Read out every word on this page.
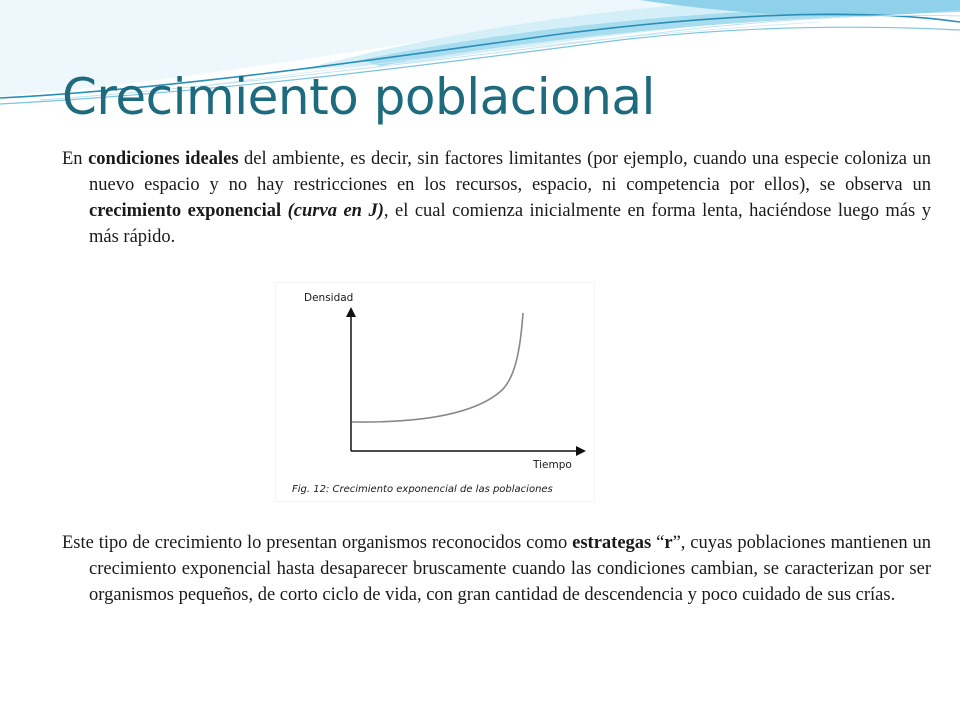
Crecimiento poblacional

En condiciones ideales del ambiente, es decir, sin factores limitantes (por ejemplo, cuando una especie coloniza un nuevo espacio y no hay restricciones en los recursos, espacio, ni competencia por ellos), se observa un crecimiento exponencial (curva en J), el cual comienza inicialmente en forma lenta, haciéndose luego más y más rápido.

Densidad
Tiempo
Fig. 12: Crecimiento exponencial de las poblaciones

Este tipo de crecimiento lo presentan organismos reconocidos como estrategas “r”, cuyas poblaciones mantienen un crecimiento exponencial hasta desaparecer bruscamente cuando las condiciones cambian, se caracterizan por ser organismos pequeños, de corto ciclo de vida, con gran cantidad de descendencia y poco cuidado de sus crías.
